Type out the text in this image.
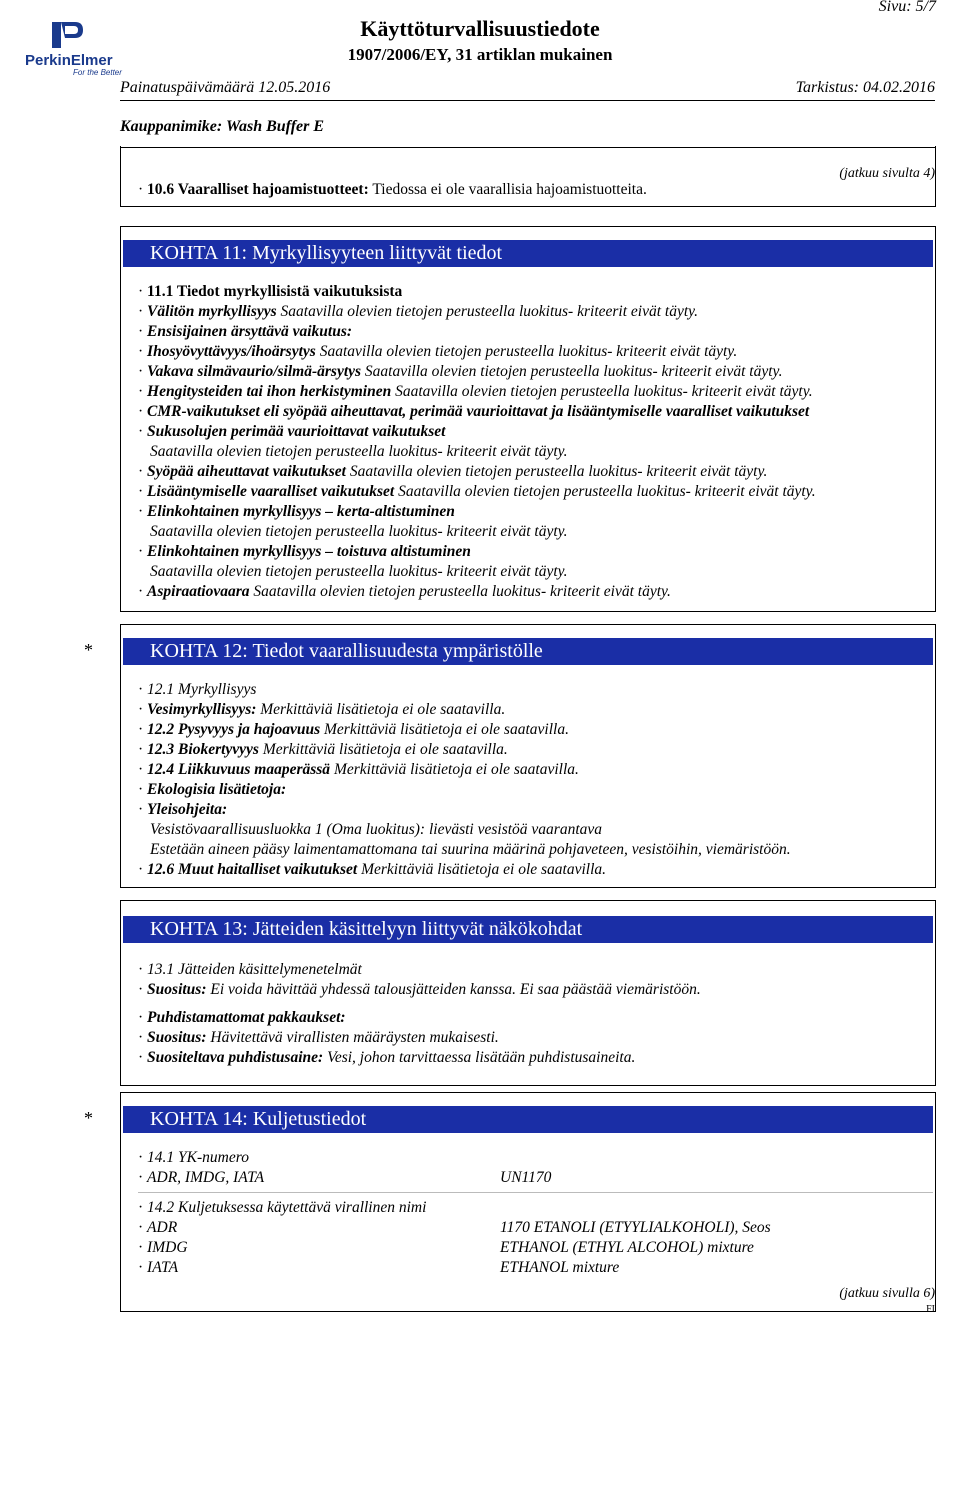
PerkinElmer
For the Better
Käyttöturvallisuustiedote
1907/2006/EY, 31 artiklan mukainen
Sivu: 5/7
Painatuspäivämäärä 12.05.2016	Tarkistus: 04.02.2016
Kauppanimike: Wash Buffer E
(jatkuu sivulta 4)
· 10.6 Vaaralliset hajoamistuotteet: Tiedossa ei ole vaarallisia hajoamistuotteita.
KOHTA 11: Myrkyllisyyteen liittyvät tiedot
· 11.1 Tiedot myrkyllisistä vaikutuksista
· Välitön myrkyllisyys Saatavilla olevien tietojen perusteella luokitus- kriteerit eivät täyty.
· Ensisijainen ärsyttävä vaikutus:
· Ihosyövyttävyys/ihoärsytys Saatavilla olevien tietojen perusteella luokitus- kriteerit eivät täyty.
· Vakava silmävaurio/silmä-ärsytys Saatavilla olevien tietojen perusteella luokitus- kriteerit eivät täyty.
· Hengitysteiden tai ihon herkistyminen Saatavilla olevien tietojen perusteella luokitus- kriteerit eivät täyty.
· CMR-vaikutukset eli syöpää aiheuttavat, perimää vaurioittavat ja lisääntymiselle vaaralliset vaikutukset
· Sukusolujen perimää vaurioittavat vaikutukset
Saatavilla olevien tietojen perusteella luokitus- kriteerit eivät täyty.
· Syöpää aiheuttavat vaikutukset Saatavilla olevien tietojen perusteella luokitus- kriteerit eivät täyty.
· Lisääntymiselle vaaralliset vaikutukset Saatavilla olevien tietojen perusteella luokitus- kriteerit eivät täyty.
· Elinkohtainen myrkyllisyys – kerta-altistuminen
Saatavilla olevien tietojen perusteella luokitus- kriteerit eivät täyty.
· Elinkohtainen myrkyllisyys – toistuva altistuminen
Saatavilla olevien tietojen perusteella luokitus- kriteerit eivät täyty.
· Aspiraatiovaara Saatavilla olevien tietojen perusteella luokitus- kriteerit eivät täyty.
*	KOHTA 12: Tiedot vaarallisuudesta ympäristölle
· 12.1 Myrkyllisyys
· Vesimyrkyllisyys: Merkittäviä lisätietoja ei ole saatavilla.
· 12.2 Pysyvyys ja hajoavuus Merkittäviä lisätietoja ei ole saatavilla.
· 12.3 Biokertyvyys Merkittäviä lisätietoja ei ole saatavilla.
· 12.4 Liikkuvuus maaperässä Merkittäviä lisätietoja ei ole saatavilla.
· Ekologisia lisätietoja:
· Yleisohjeita:
Vesistövaarallisuusluokka 1 (Oma luokitus): lievästi vesistöä vaarantava
Estetään aineen pääsy laimentamattomana tai suurina määrinä pohjaveteen, vesistöihin, viemäristöön.
· 12.6 Muut haitalliset vaikutukset Merkittäviä lisätietoja ei ole saatavilla.
KOHTA 13: Jätteiden käsittelyyn liittyvät näkökohdat
· 13.1 Jätteiden käsittelymenetelmät
· Suositus: Ei voida hävittää yhdessä talousjätteiden kanssa. Ei saa päästää viemäristöön.
· Puhdistamattomat pakkaukset:
· Suositus: Hävitettävä virallisten määräysten mukaisesti.
· Suositeltava puhdistusaine: Vesi, johon tarvittaessa lisätään puhdistusaineita.
*	KOHTA 14: Kuljetustiedot
· 14.1 YK-numero
· ADR, IMDG, IATA	UN1170
· 14.2 Kuljetuksessa käytettävä virallinen nimi
· ADR	1170 ETANOLI (ETYYLIALKOHOLI), Seos
· IMDG	ETHANOL (ETHYL ALCOHOL) mixture
· IATA	ETHANOL mixture
(jatkuu sivulla 6)
FI
